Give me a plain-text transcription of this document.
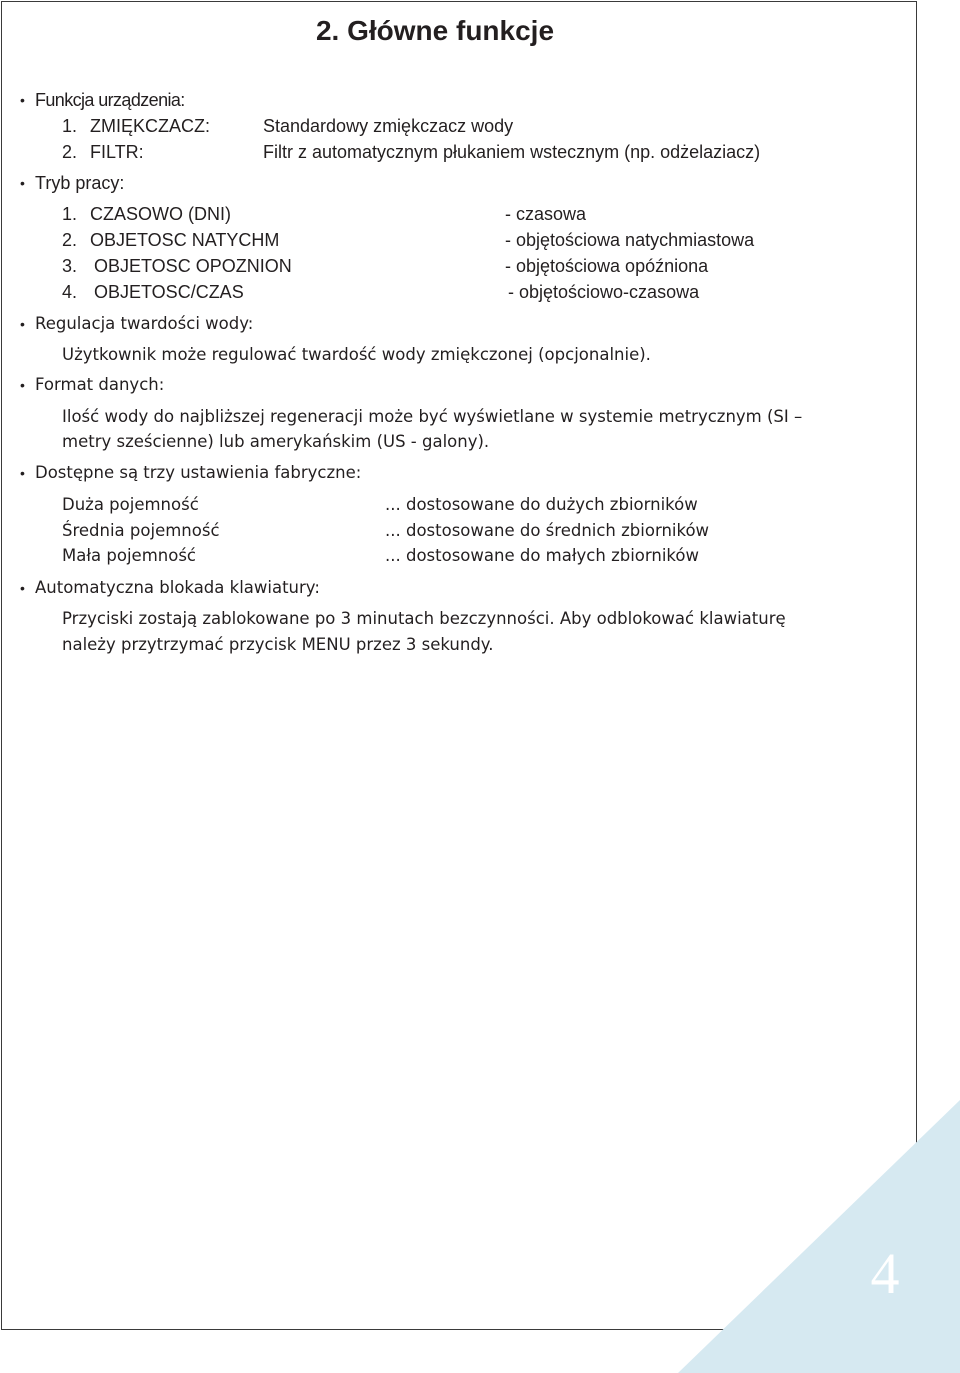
4
2. Główne funkcje
• Funkcja urządzenia:
1. ZMIĘKCZACZ:	Standardowy zmiękczacz wody
2. FILTR:	Filtr z automatycznym płukaniem wstecznym (np. odżelaziacz)
• Tryb pracy:
1. CZASOWO (DNI)	- czasowa
2. OBJETOSC NATYCHM	- objętościowa natychmiastowa
3. OBJETOSC OPOZNION	- objętościowa opóźniona
4. OBJETOSC/CZAS	- objętościowo-czasowa
• Regulacja twardości wody:
Użytkownik może regulować twardość wody zmiękczonej (opcjonalnie).
• Format danych:
Ilość wody do najbliższej regeneracji może być wyświetlane w systemie metrycznym (SI –
metry sześcienne) lub amerykańskim (US - galony).
• Dostępne są trzy ustawienia fabryczne:
Duża pojemność	... dostosowane do dużych zbiorników
Średnia pojemność	... dostosowane do średnich zbiorników
Mała pojemność	... dostosowane do małych zbiorników
• Automatyczna blokada klawiatury:
Przyciski zostają zablokowane po 3 minutach bezczynności. Aby odblokować klawiaturę
należy przytrzymać przycisk MENU przez 3 sekundy.
